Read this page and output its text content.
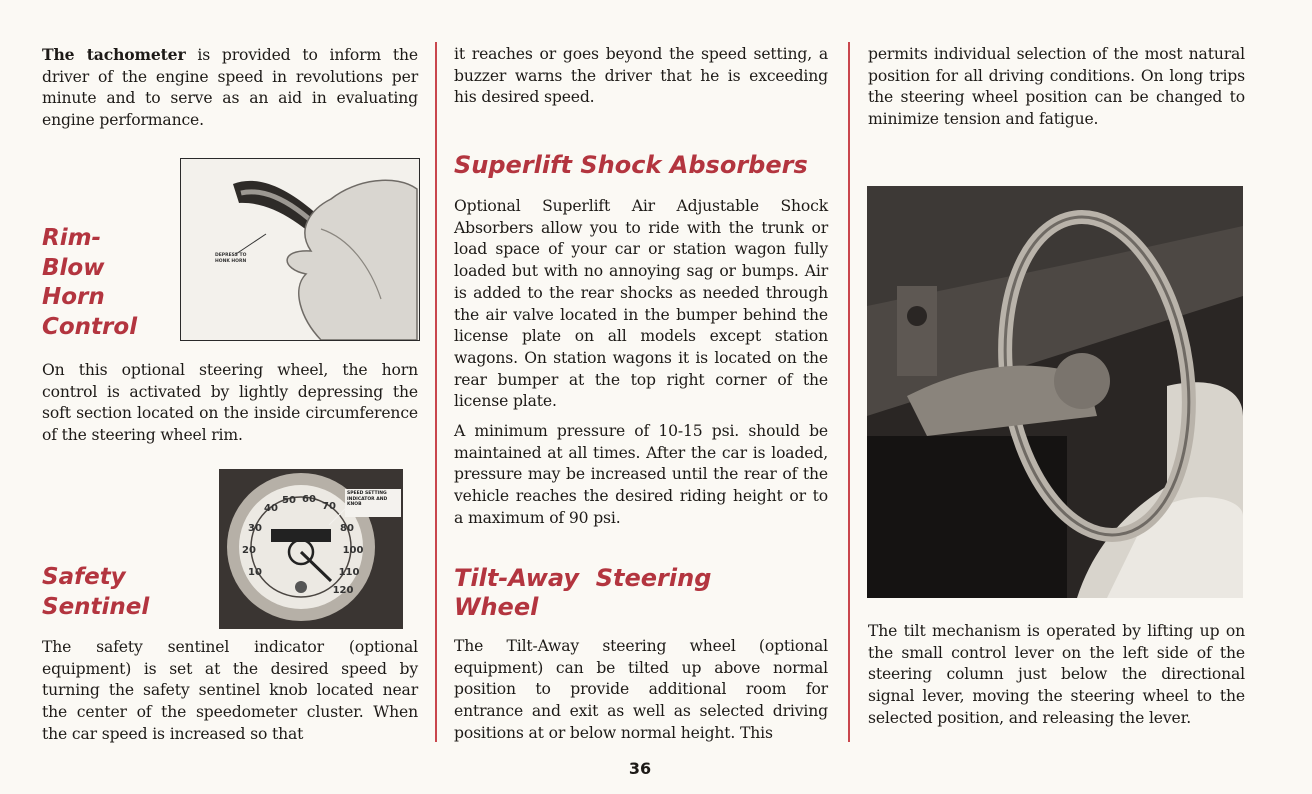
The tachometer is provided to inform the driver of the engine speed in revolutions per minute and to serve as an aid in evaluating engine performance.

Rim-
Blow
Horn
Control
DEPRESS TO HONK HORN

On this optional steering wheel, the horn control is activated by lightly depressing the soft section located on the inside circumference of the steering wheel rim.

Safety
Sentinel
40
50 60
70
30
20
10
80
100
110
120
SPEED SETTING INDICATOR AND KNOB

The safety sentinel indicator (optional equipment) is set at the desired speed by turning the safety sentinel knob located near the center of the speedometer cluster. When the car speed is increased so that

it reaches or goes beyond the speed setting, a buzzer warns the driver that he is exceeding his desired speed.

Superlift Shock Absorbers

Optional Superlift Air Adjustable Shock Absorbers allow you to ride with the trunk or load space of your car or station wagon fully loaded but with no annoying sag or bumps. Air is added to the rear shocks as needed through the air valve located in the bumper behind the license plate on all models except station wagons. On station wagons it is located on the rear bumper at the top right corner of the license plate.

A minimum pressure of 10-15 psi. should be maintained at all times. After the car is loaded, pressure may be increased until the rear of the vehicle reaches the desired riding height or to a maximum of 90 psi.

Tilt-Away  Steering
Wheel

The Tilt-Away steering wheel (optional equipment) can be tilted up above normal position to provide additional room for entrance and exit as well as selected driving positions at or below normal height. This

permits individual selection of the most natural position for all driving conditions. On long trips the steering wheel position can be changed to minimize tension and fatigue.

The tilt mechanism is operated by lifting up on the small control lever on the left side of the steering column just below the directional signal lever, moving the steering wheel to the selected position, and releasing the lever.

36
